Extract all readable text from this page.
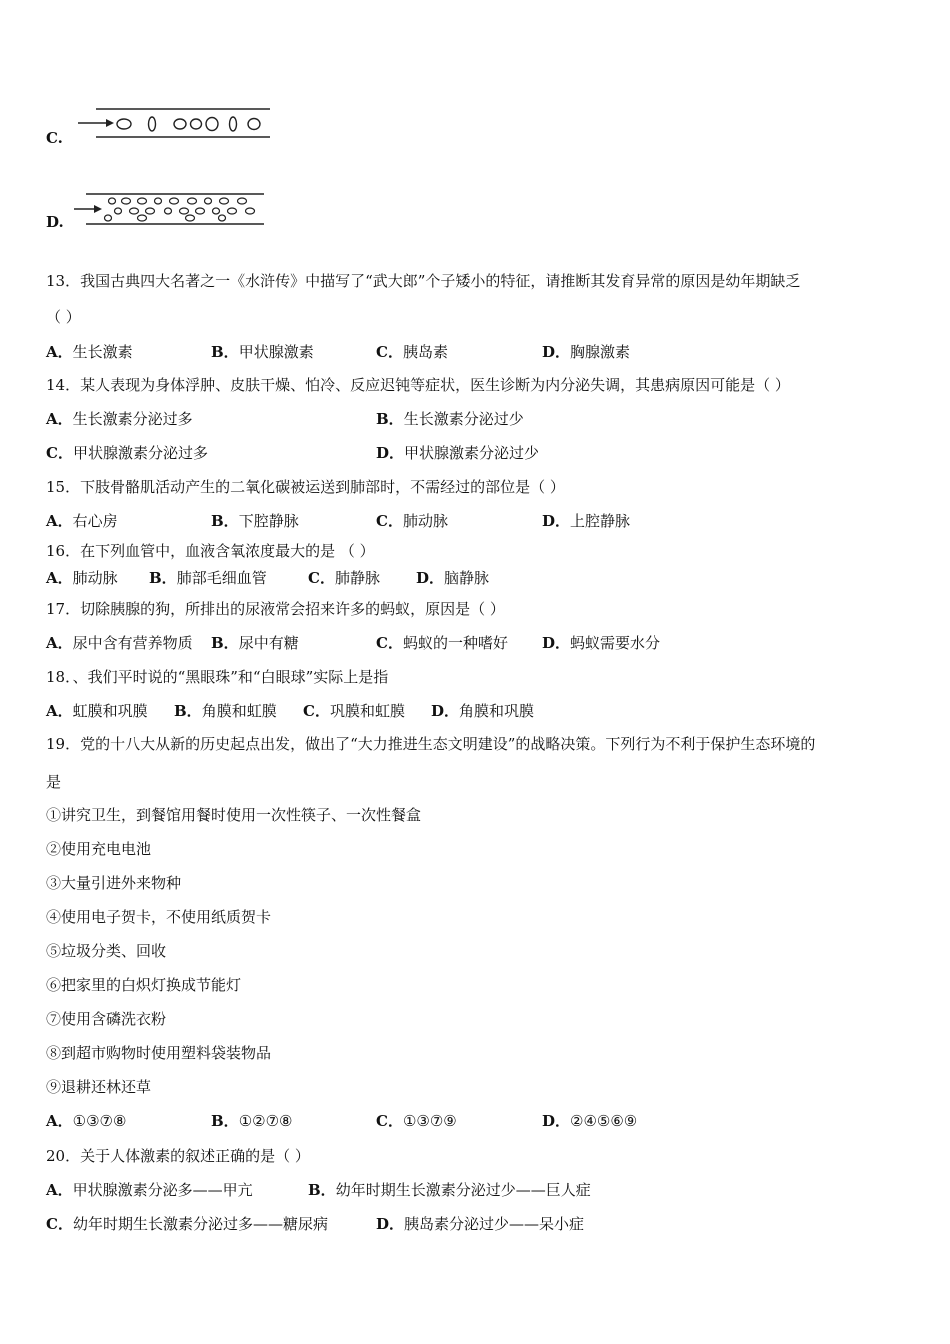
C.
D.
13．我国古典四大名著之一《水浒传》中描写了“武大郎”个子矮小的特征，请推断其发育异常的原因是幼年期缺乏
（ ）
A．生长激素	B．甲状腺激素	C．胰岛素	D．胸腺激素
14．某人表现为身体浮肿、皮肤干燥、怕冷、反应迟钝等症状，医生诊断为内分泌失调，其患病原因可能是（ ）
A．生长激素分泌过多	B．生长激素分泌过少
C．甲状腺激素分泌过多	D．甲状腺激素分泌过少
15．下肢骨骼肌活动产生的二氧化碳被运送到肺部时，不需经过的部位是（ ）
A．右心房	B．下腔静脉	C．肺动脉	D．上腔静脉
16．在下列血管中，血液含氧浓度最大的是 （ ）
A．肺动脉 B．肺部毛细血管	C．肺静脉 D．脑静脉
17．切除胰腺的狗，所排出的尿液常会招来许多的蚂蚁，原因是（ ）
A．尿中含有营养物质 B．尿中有糖	C．蚂蚁的一种嗜好 D．蚂蚁需要水分
18．、我们平时说的“黑眼珠”和“白眼球”实际上是指
A．虹膜和巩膜 B．角膜和虹膜 C．巩膜和虹膜 D．角膜和巩膜
19．党的十八大从新的历史起点出发，做出了“大力推进生态文明建设”的战略决策。下列行为不利于保护生态环境的
是
①讲究卫生，到餐馆用餐时使用一次性筷子、一次性餐盒
②使用充电电池
③大量引进外来物种
④使用电子贺卡，不使用纸质贺卡
⑤垃圾分类、回收
⑥把家里的白炽灯换成节能灯
⑦使用含磷洗衣粉
⑧到超市购物时使用塑料袋装物品
⑨退耕还林还草
A．①③⑦⑧	B．①②⑦⑧	C．①③⑦⑨	D．②④⑤⑥⑨
20．关于人体激素的叙述正确的是（ ）
A．甲状腺激素分泌多——甲亢	B．幼年时期生长激素分泌过少——巨人症
C．幼年时期生长激素分泌过多——糖尿病	D．胰岛素分泌过少——呆小症
